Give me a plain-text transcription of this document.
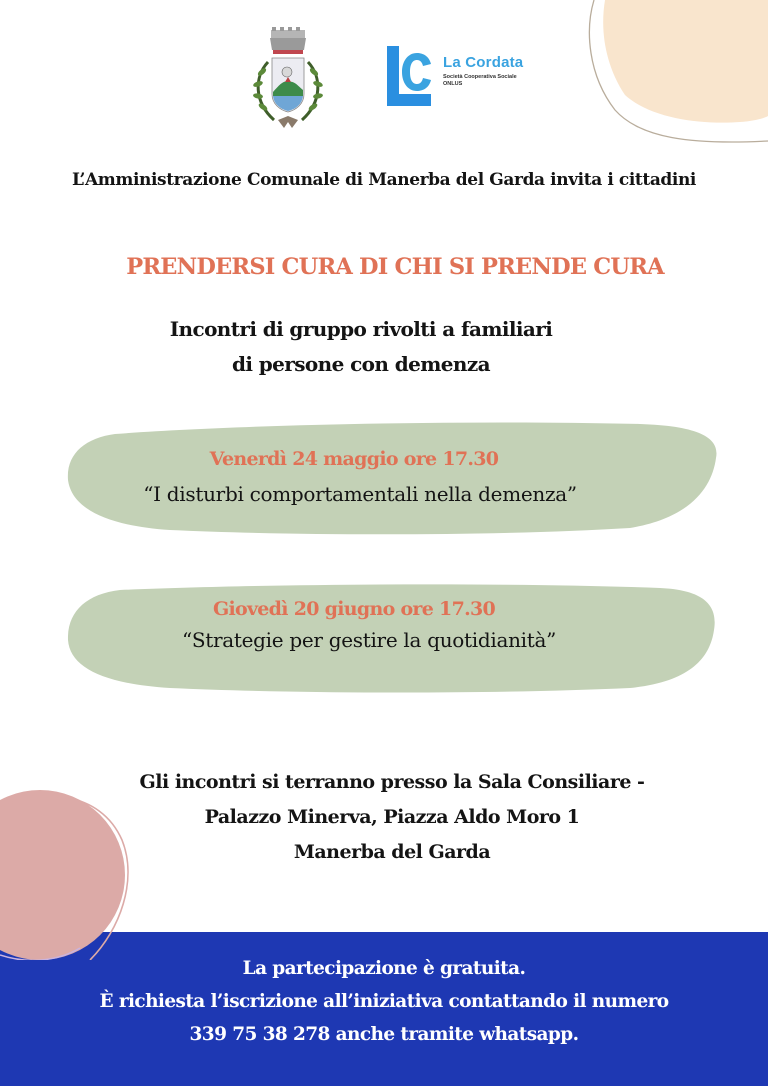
La Cordata
Società Cooperativa Sociale
ONLUS
L’Amministrazione Comunale di Manerba del Garda invita i cittadini
PRENDERSI CURA DI CHI SI PRENDE CURA
Incontri di gruppo rivolti a familiari
di persone con demenza
Venerdì 24 maggio ore 17.30
“I disturbi comportamentali nella demenza”
Giovedì 20 giugno ore 17.30
“Strategie per gestire la quotidianità”
Gli incontri si terranno presso la Sala Consiliare -
Palazzo Minerva, Piazza Aldo Moro 1
Manerba del Garda
La partecipazione è gratuita.
È richiesta l’iscrizione all’iniziativa contattando il numero
339 75 38 278 anche tramite whatsapp.
